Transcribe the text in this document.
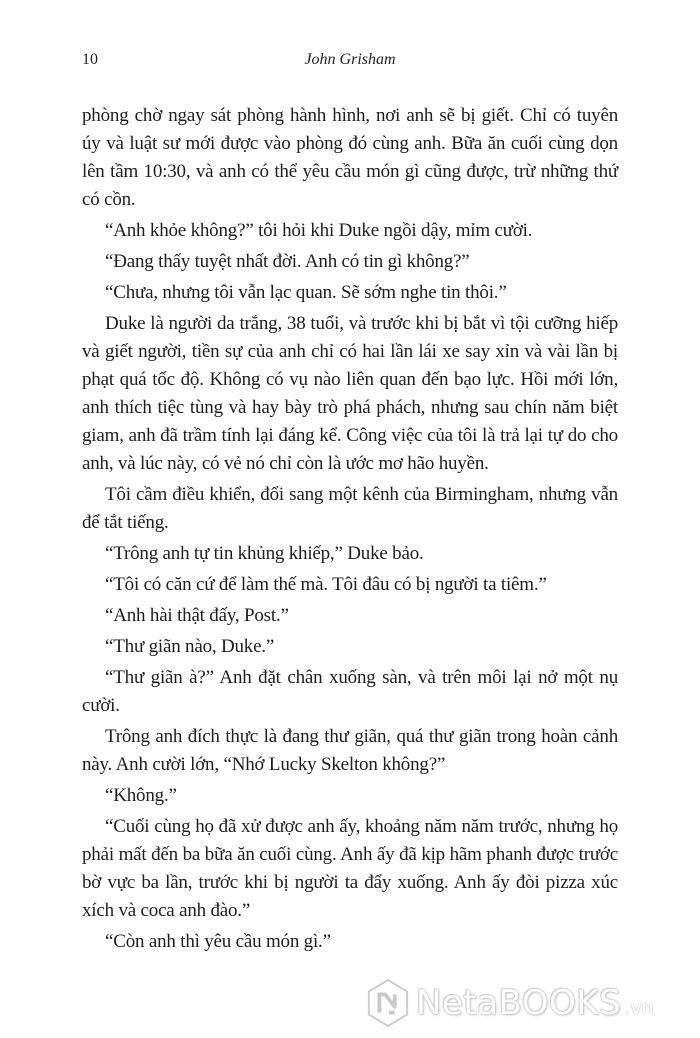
10	John Grisham

phòng chờ ngay sát phòng hành hình, nơi anh sẽ bị giết. Chỉ có tuyên úy và luật sư mới được vào phòng đó cùng anh. Bữa ăn cuối cùng dọn lên tầm 10:30, và anh có thể yêu cầu món gì cũng được, trừ những thứ có cồn.

“Anh khỏe không?” tôi hỏi khi Duke ngồi dậy, mỉm cười.

“Đang thấy tuyệt nhất đời. Anh có tin gì không?”

“Chưa, nhưng tôi vẫn lạc quan. Sẽ sớm nghe tin thôi.”

Duke là người da trắng, 38 tuổi, và trước khi bị bắt vì tội cưỡng hiếp và giết người, tiền sự của anh chỉ có hai lần lái xe say xỉn và vài lần bị phạt quá tốc độ. Không có vụ nào liên quan đến bạo lực. Hồi mới lớn, anh thích tiệc tùng và hay bày trò phá phách, nhưng sau chín năm biệt giam, anh đã trầm tính lại đáng kể. Công việc của tôi là trả lại tự do cho anh, và lúc này, có vẻ nó chỉ còn là ước mơ hão huyền.

Tôi cầm điều khiển, đổi sang một kênh của Birmingham, nhưng vẫn để tắt tiếng.

“Trông anh tự tin khủng khiếp,” Duke bảo.

“Tôi có căn cứ để làm thế mà. Tôi đâu có bị người ta tiêm.”

“Anh hài thật đấy, Post.”

“Thư giãn nào, Duke.”

“Thư giãn à?” Anh đặt chân xuống sàn, và trên môi lại nở một nụ cười.

Trông anh đích thực là đang thư giãn, quá thư giãn trong hoàn cảnh này. Anh cười lớn, “Nhớ Lucky Skelton không?”

“Không.”

“Cuối cùng họ đã xử được anh ấy, khoảng năm năm trước, nhưng họ phải mất đến ba bữa ăn cuối cùng. Anh ấy đã kịp hãm phanh được trước bờ vực ba lần, trước khi bị người ta đẩy xuống. Anh ấy đòi pizza xúc xích và coca anh đào.”

“Còn anh thì yêu cầu món gì.”

NetaBOOKS .vn
